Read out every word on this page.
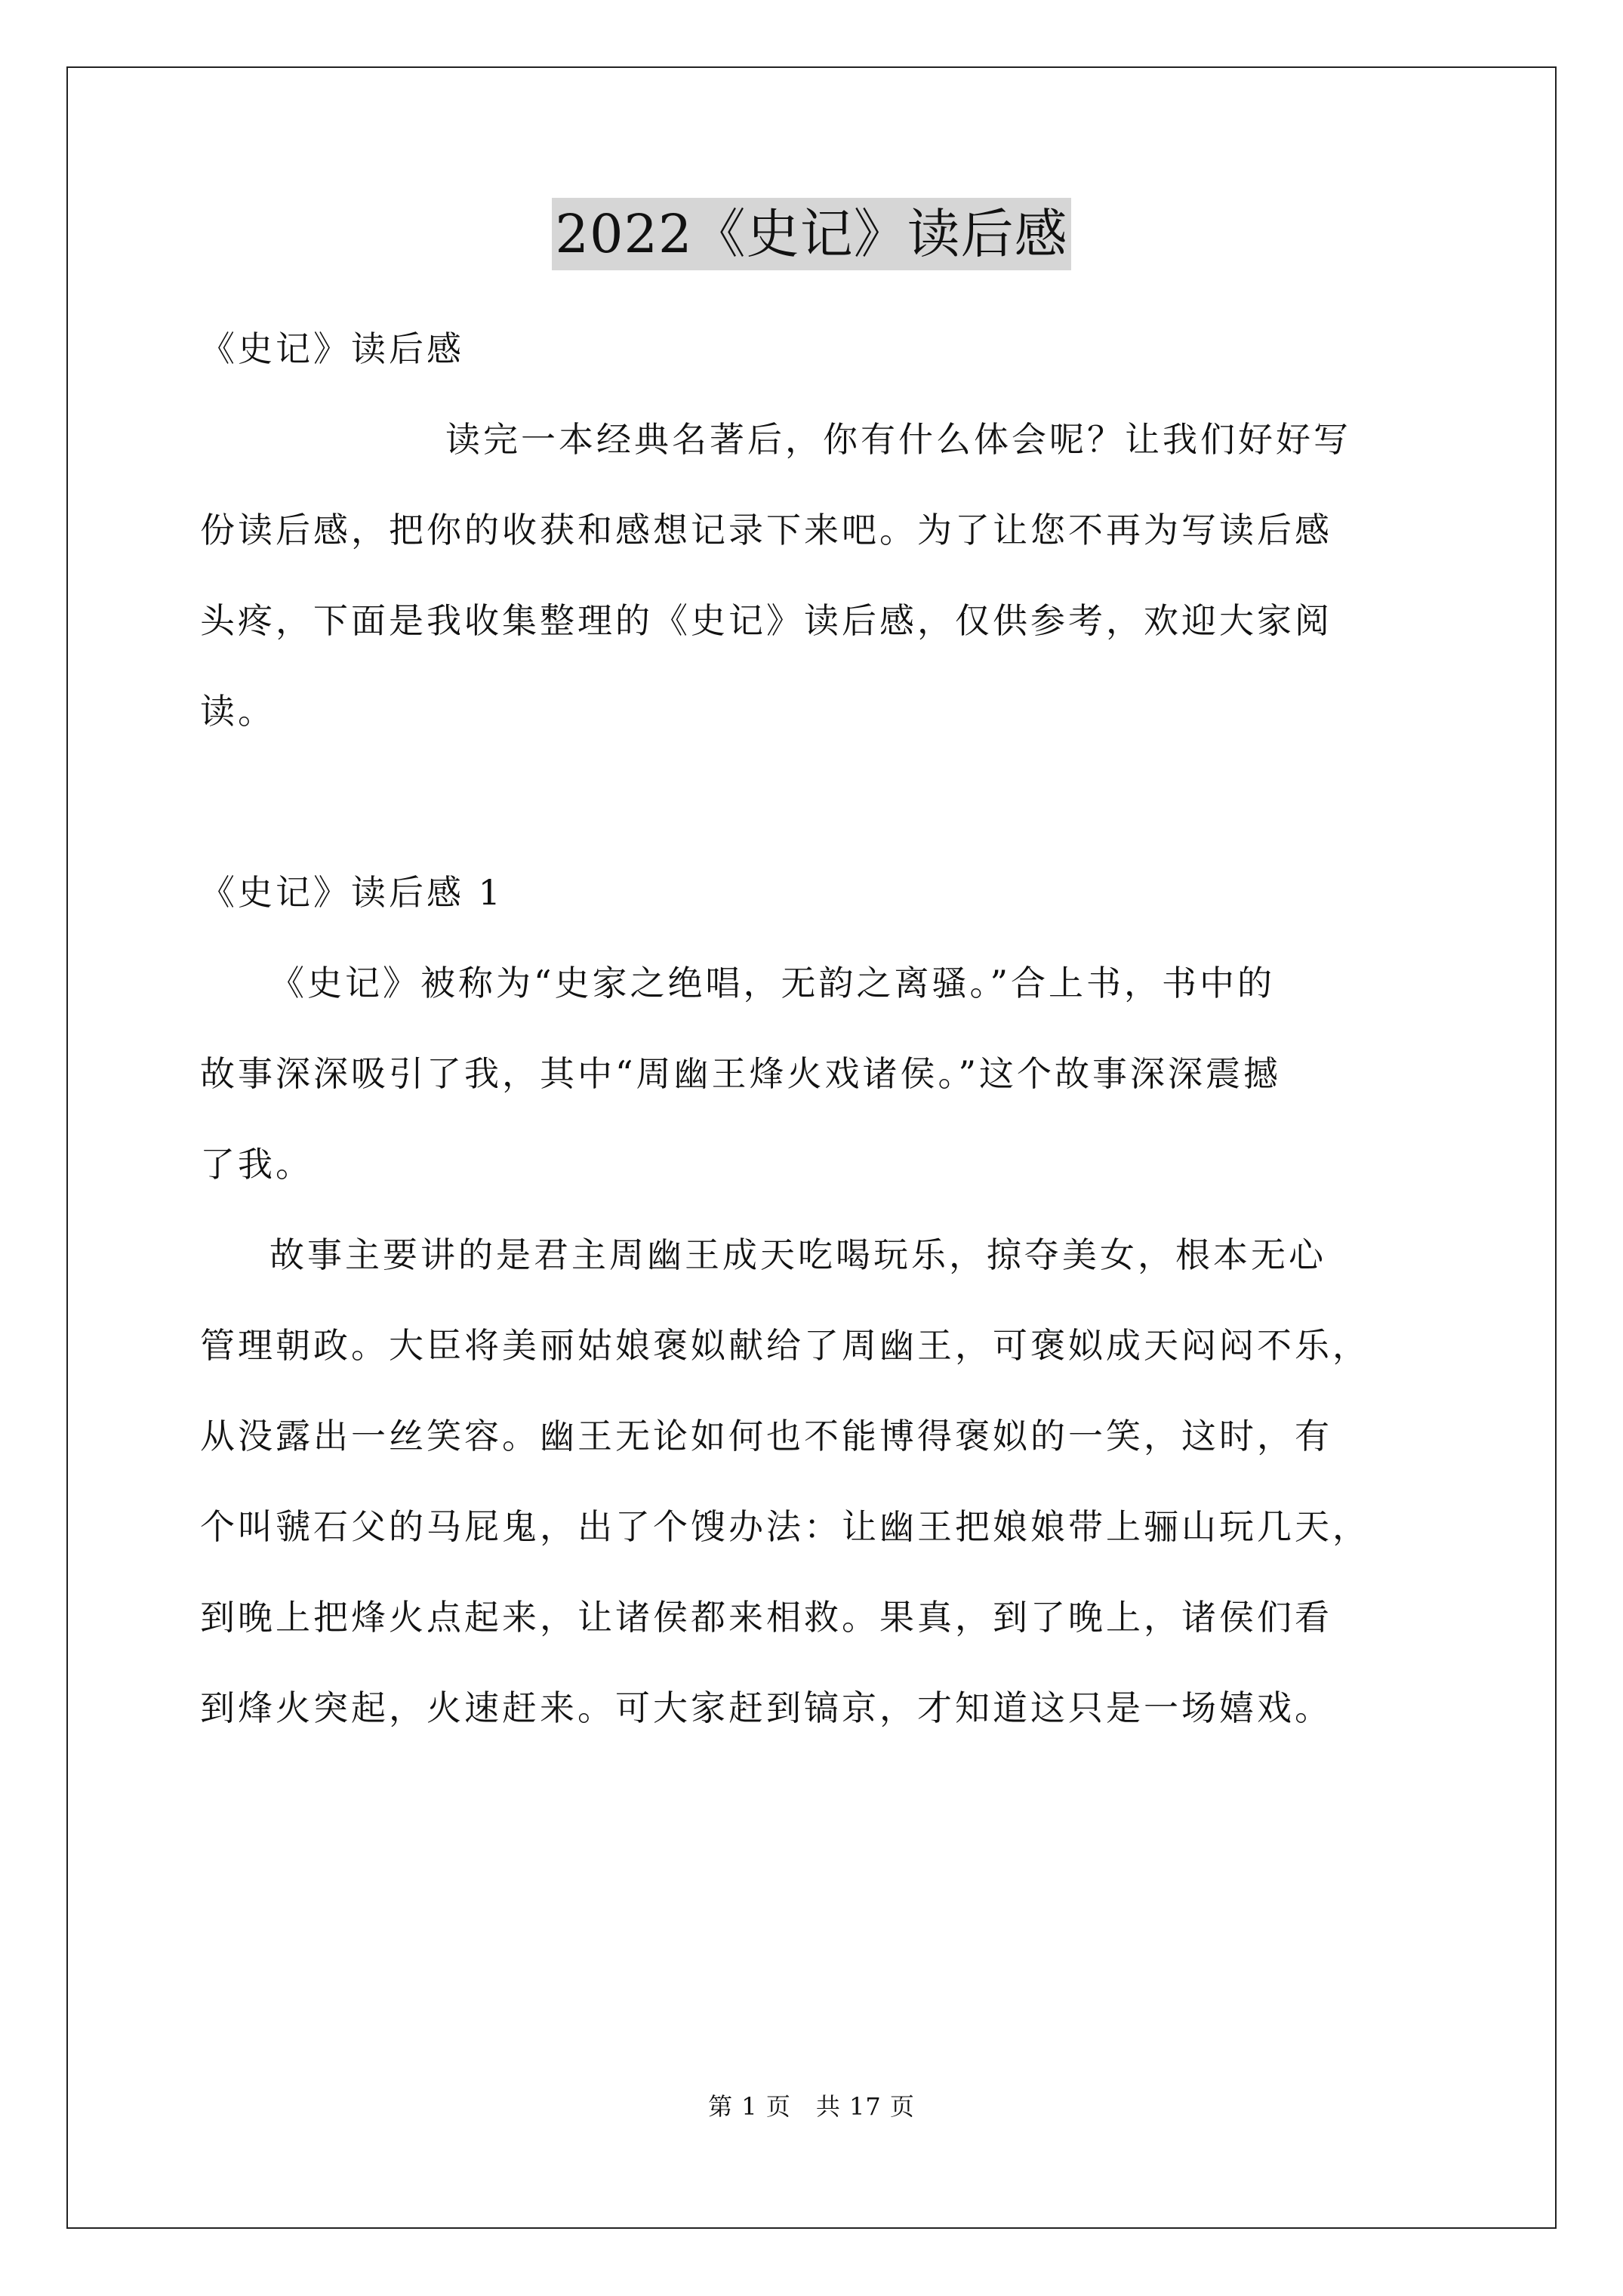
2022《史记》读后感
《史记》读后感
读完一本经典名著后，你有什么体会呢？让我们好好写
份读后感，把你的收获和感想记录下来吧。为了让您不再为写读后感
头疼，下面是我收集整理的《史记》读后感，仅供参考，欢迎大家阅
读。
《史记》读后感 1
《史记》被称为“史家之绝唱，无韵之离骚。”合上书，书中的
故事深深吸引了我，其中“周幽王烽火戏诸侯。”这个故事深深震撼
了我。
故事主要讲的是君主周幽王成天吃喝玩乐，掠夺美女，根本无心
管理朝政。大臣将美丽姑娘褒姒献给了周幽王，可褒姒成天闷闷不乐，
从没露出一丝笑容。幽王无论如何也不能博得褒姒的一笑，这时，有
个叫虢石父的马屁鬼，出了个馊办法：让幽王把娘娘带上骊山玩几天，
到晚上把烽火点起来，让诸侯都来相救。果真，到了晚上，诸侯们看
到烽火突起，火速赶来。可大家赶到镐京，才知道这只是一场嬉戏。
第 1 页　共 17 页
